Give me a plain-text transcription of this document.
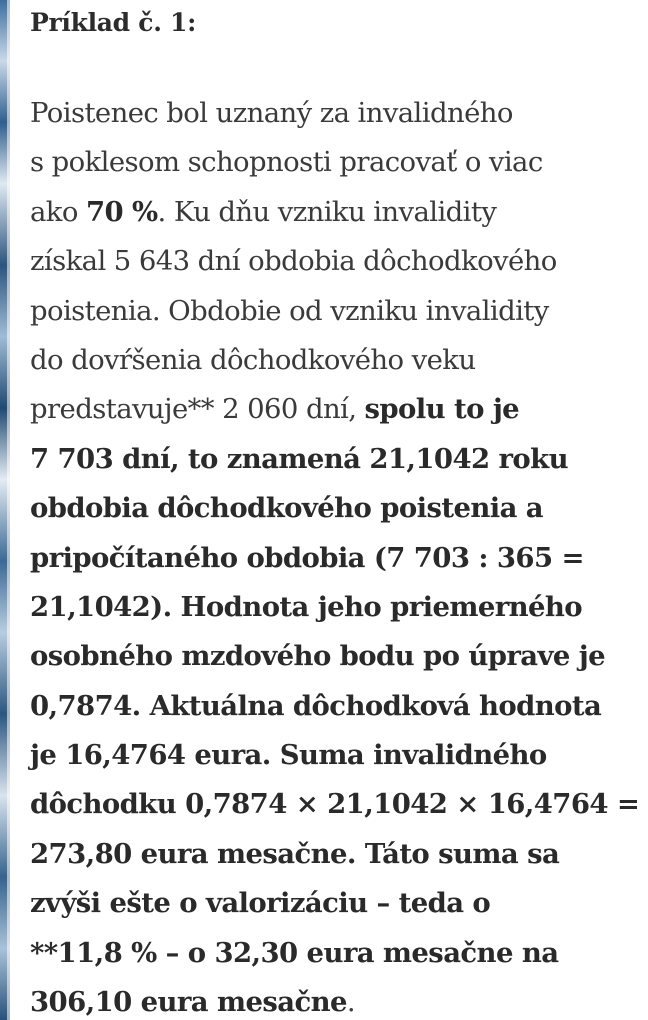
Príklad č. 1:
Poistenec bol uznaný za invalidného
s poklesom schopnosti pracovať o viac
ako 70 %. Ku dňu vzniku invalidity
získal 5 643 dní obdobia dôchodkového
poistenia. Obdobie od vzniku invalidity
do dovŕšenia dôchodkového veku
predstavuje** 2 060 dní, spolu to je
7 703 dní, to znamená 21,1042 roku
obdobia dôchodkového poistenia a
pripočítaného obdobia (7 703 : 365 =
21,1042). Hodnota jeho priemerného
osobného mzdového bodu po úprave je
0,7874. Aktuálna dôchodková hodnota
je 16,4764 eura. Suma invalidného
dôchodku 0,7874 × 21,1042 × 16,4764 =
273,80 eura mesačne. Táto suma sa
zvýši ešte o valorizáciu – teda o
**11,8 % – o 32,30 eura mesačne na
306,10 eura mesačne.
